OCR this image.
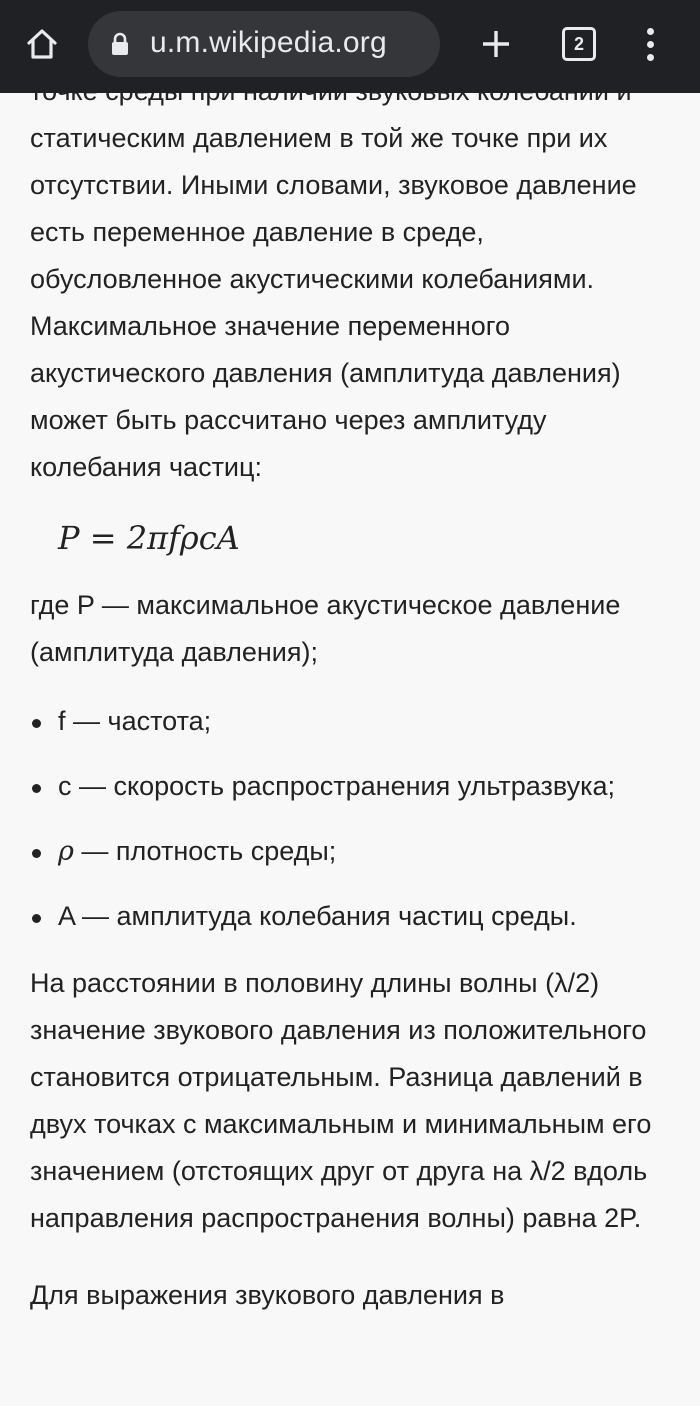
u.m.wikipedia.org	2

статическим давлением в той же точке при их отсутствии. Иными словами, звуковое давление есть переменное давление в среде, обусловленное акустическими колебаниями. Максимальное значение переменного акустического давления (амплитуда давления) может быть рассчитано через амплитуду колебания частиц:

P = 2πfρcA

где P — максимальное акустическое давление (амплитуда давления);

f — частота;
c — скорость распространения ультразвука;
ρ — плотность среды;
A — амплитуда колебания частиц среды.

На расстоянии в половину длины волны (λ/2) значение звукового давления из положительного становится отрицательным. Разница давлений в двух точках с максимальным и минимальным его значением (отстоящих друг от друга на λ/2 вдоль направления распространения волны) равна 2P.

Для выражения звукового давления в
